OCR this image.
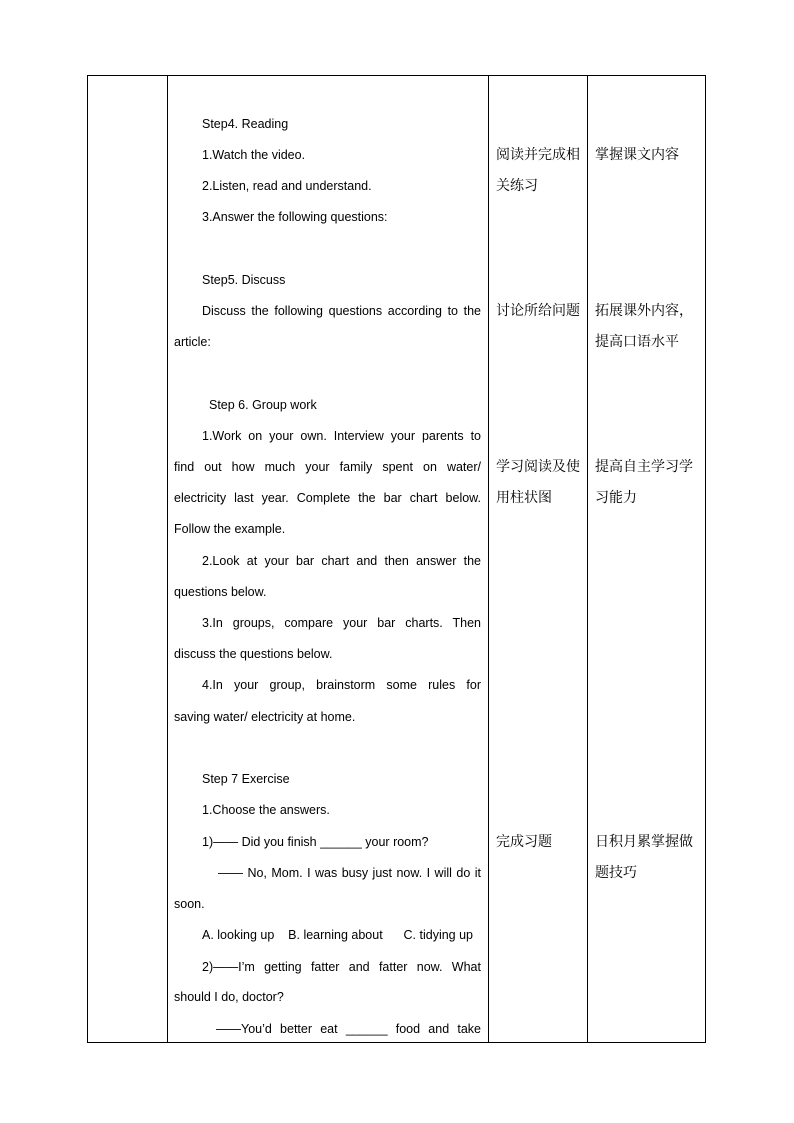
Step4. Reading
1.Watch the video.
2.Listen, read and understand.
3.Answer the following questions:
阅读并完成相
关练习
掌握课文内容
Step5. Discuss
Discuss the following questions according to the
article:
讨论所给问题 拓展课外内容，
提高口语水平
Step 6. Group work
1.Work on your own. Interview your parents to
find out how much your family spent on water/
electricity last year. Complete the bar chart below.
Follow the example.
2.Look at your bar chart and then answer the
questions below.
3.In groups, compare your bar charts. Then
discuss the questions below.
4.In your group, brainstorm some rules for
saving water/ electricity at home.
学习阅读及使
用柱状图
提高自主学习学
习能力
Step 7 Exercise
1.Choose the answers.
1)—— Did you finish ______ your room?
—— No, Mom. I was busy just now. I will do it
soon.
A. looking up    B. learning about      C. tidying up
2)——I’m getting fatter and fatter now. What
should I do, doctor?
——You’d better eat ______ food and take
完成习题	日积月累掌握做
题技巧
